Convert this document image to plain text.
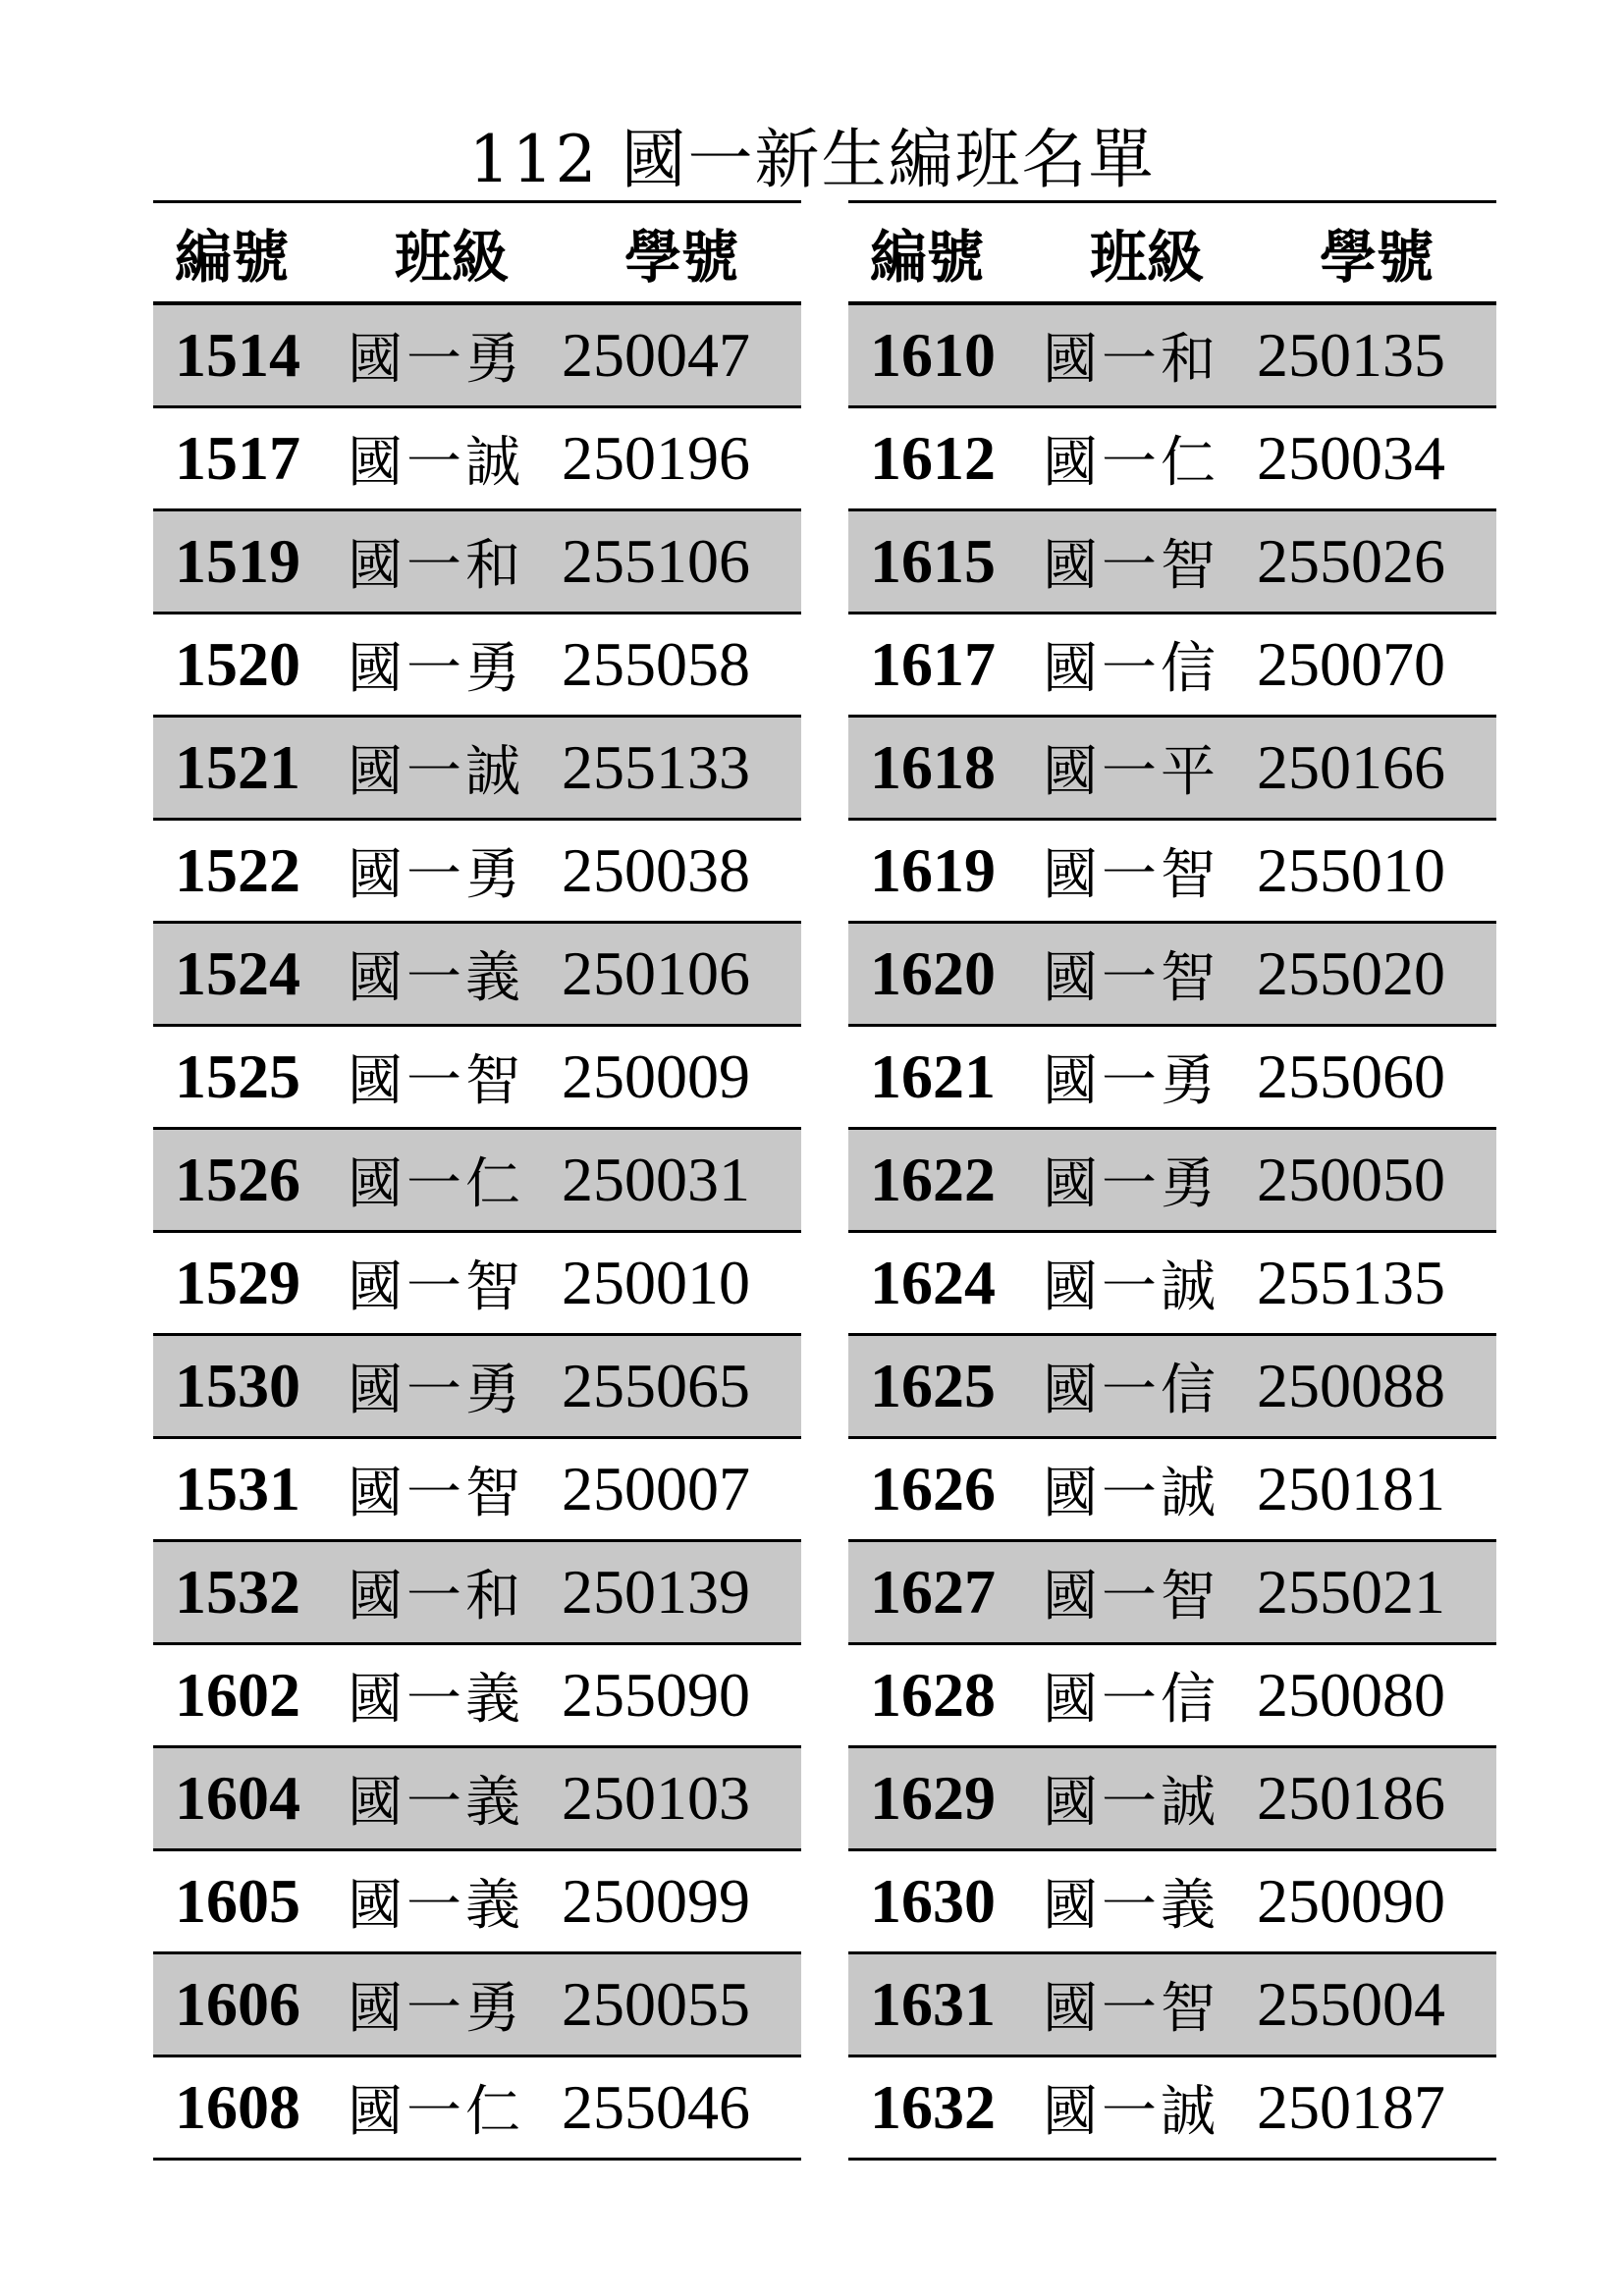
112 國一新生編班名單
編號	班級	學號
1514	國一勇	250047
1517	國一誠	250196
1519	國一和	255106
1520	國一勇	255058
1521	國一誠	255133
1522	國一勇	250038
1524	國一義	250106
1525	國一智	250009
1526	國一仁	250031
1529	國一智	250010
1530	國一勇	255065
1531	國一智	250007
1532	國一和	250139
1602	國一義	255090
1604	國一義	250103
1605	國一義	250099
1606	國一勇	250055
1608	國一仁	255046
編號	班級	學號
1610	國一和	250135
1612	國一仁	250034
1615	國一智	255026
1617	國一信	250070
1618	國一平	250166
1619	國一智	255010
1620	國一智	255020
1621	國一勇	255060
1622	國一勇	250050
1624	國一誠	255135
1625	國一信	250088
1626	國一誠	250181
1627	國一智	255021
1628	國一信	250080
1629	國一誠	250186
1630	國一義	250090
1631	國一智	255004
1632	國一誠	250187
